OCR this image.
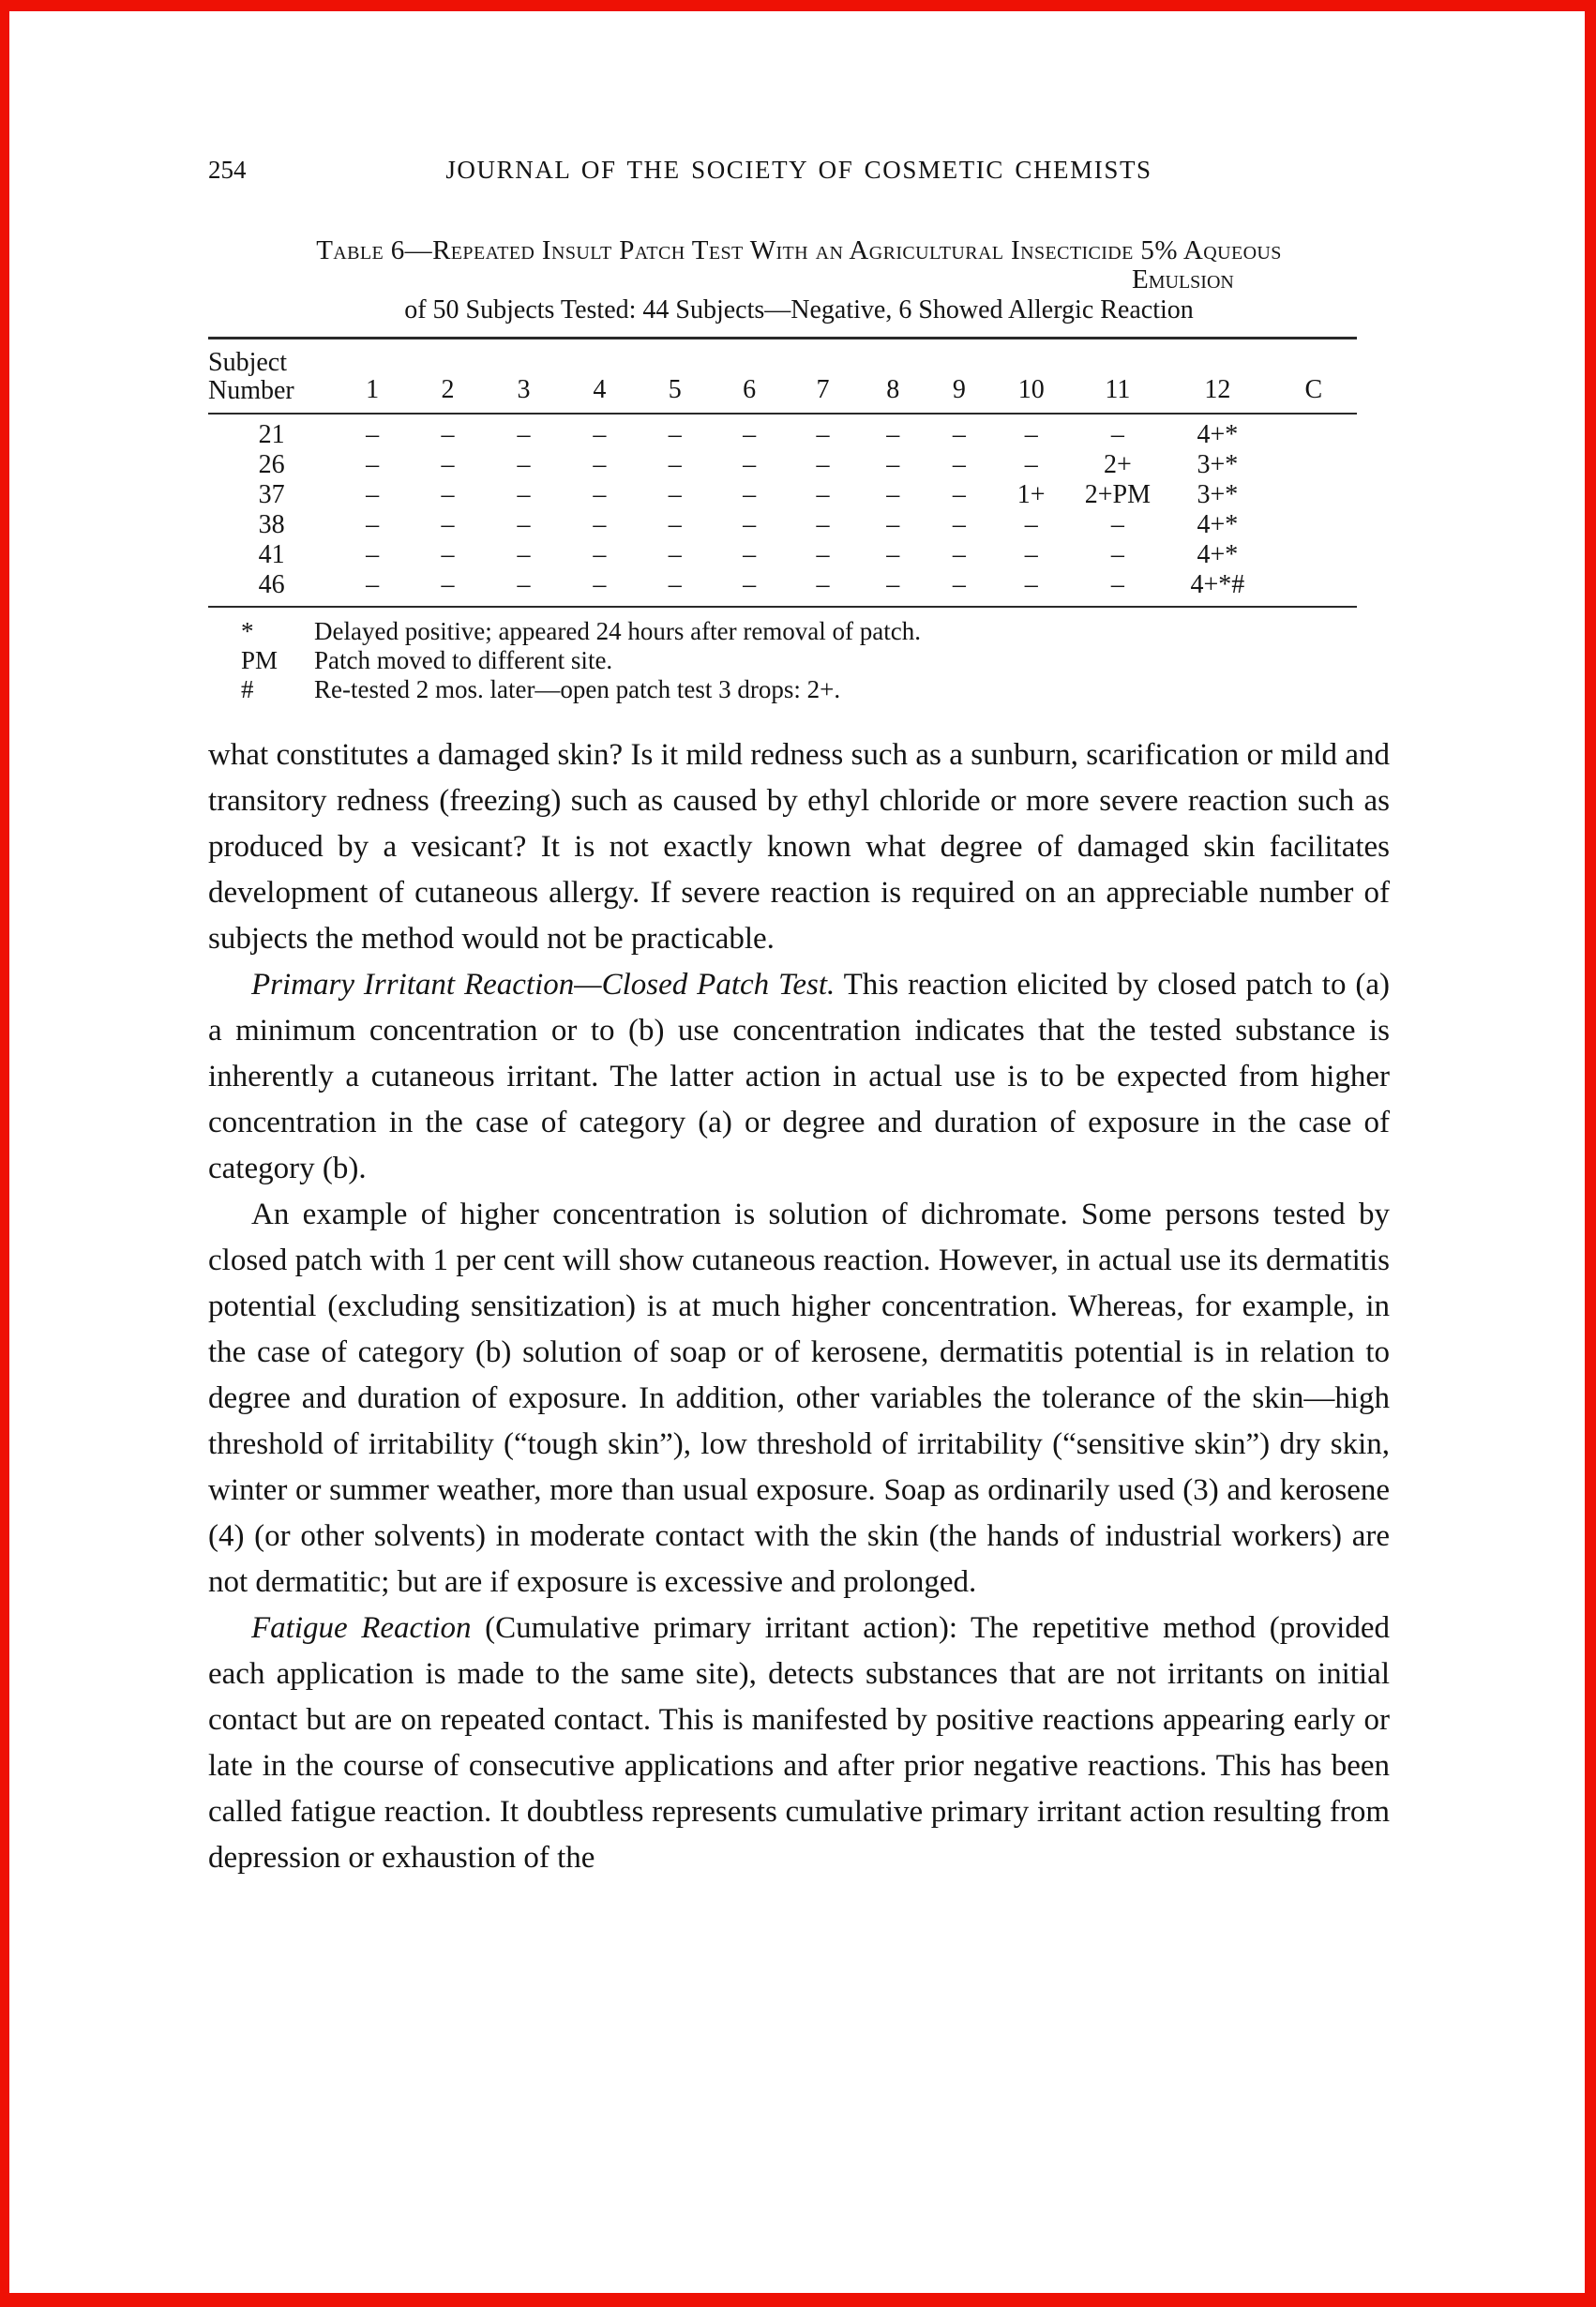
254	JOURNAL OF THE SOCIETY OF COSMETIC CHEMISTS
Table 6—Repeated Insult Patch Test With an Agricultural Insecticide 5% Aqueous
Emulsion
of 50 Subjects Tested: 44 Subjects—Negative, 6 Showed Allergic Reaction
Subject
Number	1	2	3	4	5	6	7	8	9	10	11	12	C
21	–	–	–	–	–	–	–	–	–	–	–	4+*	
26	–	–	–	–	–	–	–	–	–	–	2+	3+*	
37	–	–	–	–	–	–	–	–	–	1+	2+PM	3+*	
38	–	–	–	–	–	–	–	–	–	–	–	4+*	
41	–	–	–	–	–	–	–	–	–	–	–	4+*	
46	–	–	–	–	–	–	–	–	–	–	–	4+*#	
*	Delayed positive; appeared 24 hours after removal of patch.
PM	Patch moved to different site.
#	Re-tested 2 mos. later—open patch test 3 drops: 2+.

what constitutes a damaged skin? Is it mild redness such as a sunburn, scarification or mild and transitory redness (freezing) such as caused by ethyl chloride or more severe reaction such as produced by a vesicant? It is not exactly known what degree of damaged skin facilitates development of cutaneous allergy. If severe reaction is required on an appreciable number of subjects the method would not be practicable.

Primary Irritant Reaction—Closed Patch Test. This reaction elicited by closed patch to (a) a minimum concentration or to (b) use concentration indicates that the tested substance is inherently a cutaneous irritant. The latter action in actual use is to be expected from higher concentration in the case of category (a) or degree and duration of exposure in the case of category (b).

An example of higher concentration is solution of dichromate. Some persons tested by closed patch with 1 per cent will show cutaneous reaction. However, in actual use its dermatitis potential (excluding sensitization) is at much higher concentration. Whereas, for example, in the case of category (b) solution of soap or of kerosene, dermatitis potential is in relation to degree and duration of exposure. In addition, other variables the tolerance of the skin—high threshold of irritability (“tough skin”), low threshold of irritability (“sensitive skin”) dry skin, winter or summer weather, more than usual exposure. Soap as ordinarily used (3) and kerosene (4) (or other solvents) in moderate contact with the skin (the hands of industrial workers) are not dermatitic; but are if exposure is excessive and prolonged.

Fatigue Reaction (Cumulative primary irritant action): The repetitive method (provided each application is made to the same site), detects substances that are not irritants on initial contact but are on repeated contact. This is manifested by positive reactions appearing early or late in the course of consecutive applications and after prior negative reactions. This has been called fatigue reaction. It doubtless represents cumulative primary irritant action resulting from depression or exhaustion of the
